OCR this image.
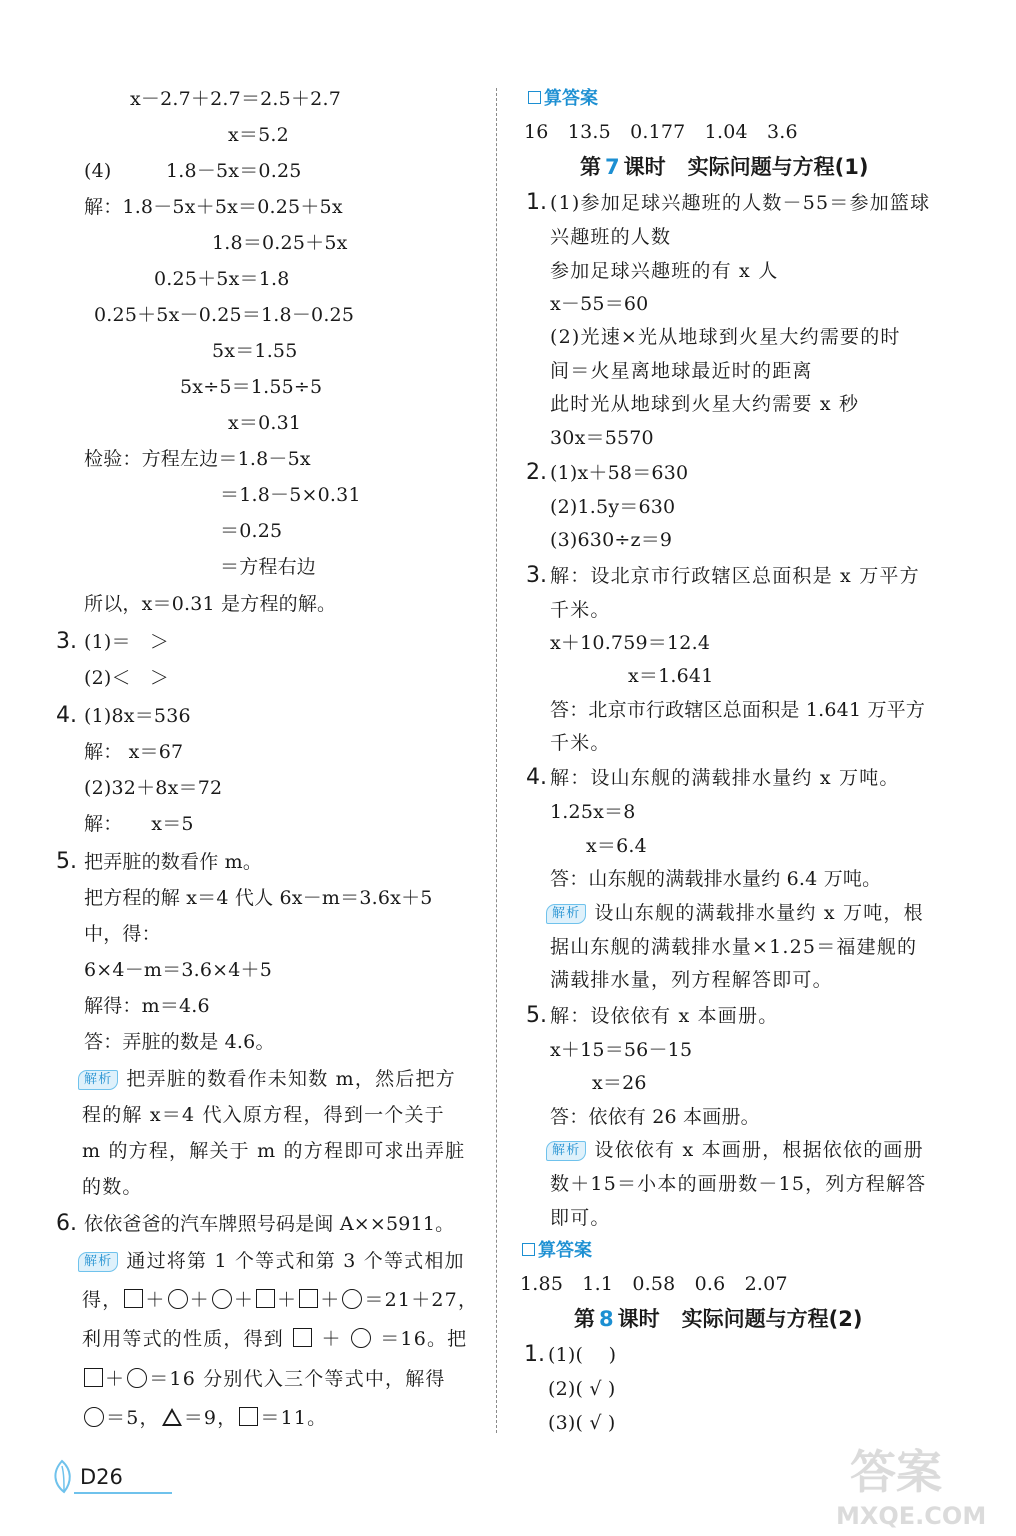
x－2.7＋2.7＝2.5＋2.7
x＝5.2
(4)	1.8－5x＝0.25
解：1.8－5x＋5x＝0.25＋5x
1.8＝0.25＋5x
0.25＋5x＝1.8
0.25＋5x－0.25＝1.8－0.25
5x＝1.55
5x÷5＝1.55÷5
x＝0.31
检验：方程左边＝1.8－5x
＝1.8－5×0.31
＝0.25
＝方程右边
所以，x＝0.31 是方程的解。
3. (1)＝　＞
(2)＜　＞
4. (1)8x＝536
解： x＝67
(2)32＋8x＝72
解：　　x＝5
5. 把弄脏的数看作 m。
把方程的解 x＝4 代人 6x－m＝3.6x＋5
中，得：
6×4－m＝3.6×4＋5
解得：m＝4.6
答：弄脏的数是 4.6。
解析 把弄脏的数看作未知数 m，然后把方
程的解 x＝4 代入原方程，得到一个关于
m 的方程，解关于 m 的方程即可求出弄脏
的数。
6. 依依爸爸的汽车牌照号码是闽 A××5911。
解析 通过将第 1 个等式和第 3 个等式相加
得， ＋ ＋ ＋ ＋ ＋ ＝21＋27，
利用等式的性质，得到  ＋  ＝16。把
＋ ＝16 分别代入三个等式中，解得
＝5， ＝9， ＝11。
算答案
16　13.5　0.177　1.04　3.6
第 7 课时 实际问题与方程(1)
1. (1)参加足球兴趣班的人数－55＝参加篮球
兴趣班的人数
参加足球兴趣班的有 x 人
x－55＝60
(2)光速×光从地球到火星大约需要的时
间＝火星离地球最近时的距离
此时光从地球到火星大约需要 x 秒
30x＝5570
2. (1)x＋58＝630
(2)1.5y＝630
(3)630÷z＝9
3. 解：设北京市行政辖区总面积是 x 万平方
千米。
x＋10.759＝12.4
x＝1.641
答：北京市行政辖区总面积是 1.641 万平方
千米。
4. 解：设山东舰的满载排水量约 x 万吨。
1.25x＝8
x＝6.4
答：山东舰的满载排水量约 6.4 万吨。
解析 设山东舰的满载排水量约 x 万吨，根
据山东舰的满载排水量×1.25＝福建舰的
满载排水量，列方程解答即可。
5. 解：设依依有 x 本画册。
x＋15＝56－15
x＝26
答：依依有 26 本画册。
解析 设依依有 x 本画册，根据依依的画册
数＋15＝小本的画册数－15，列方程解答
即可。
算答案
1.85　1.1　0.58　0.6　2.07
第 8 课时 实际问题与方程(2)
1. (1)(　 )
(2)( √ )
(3)( √ )
D26	答案
MXQE.COM
